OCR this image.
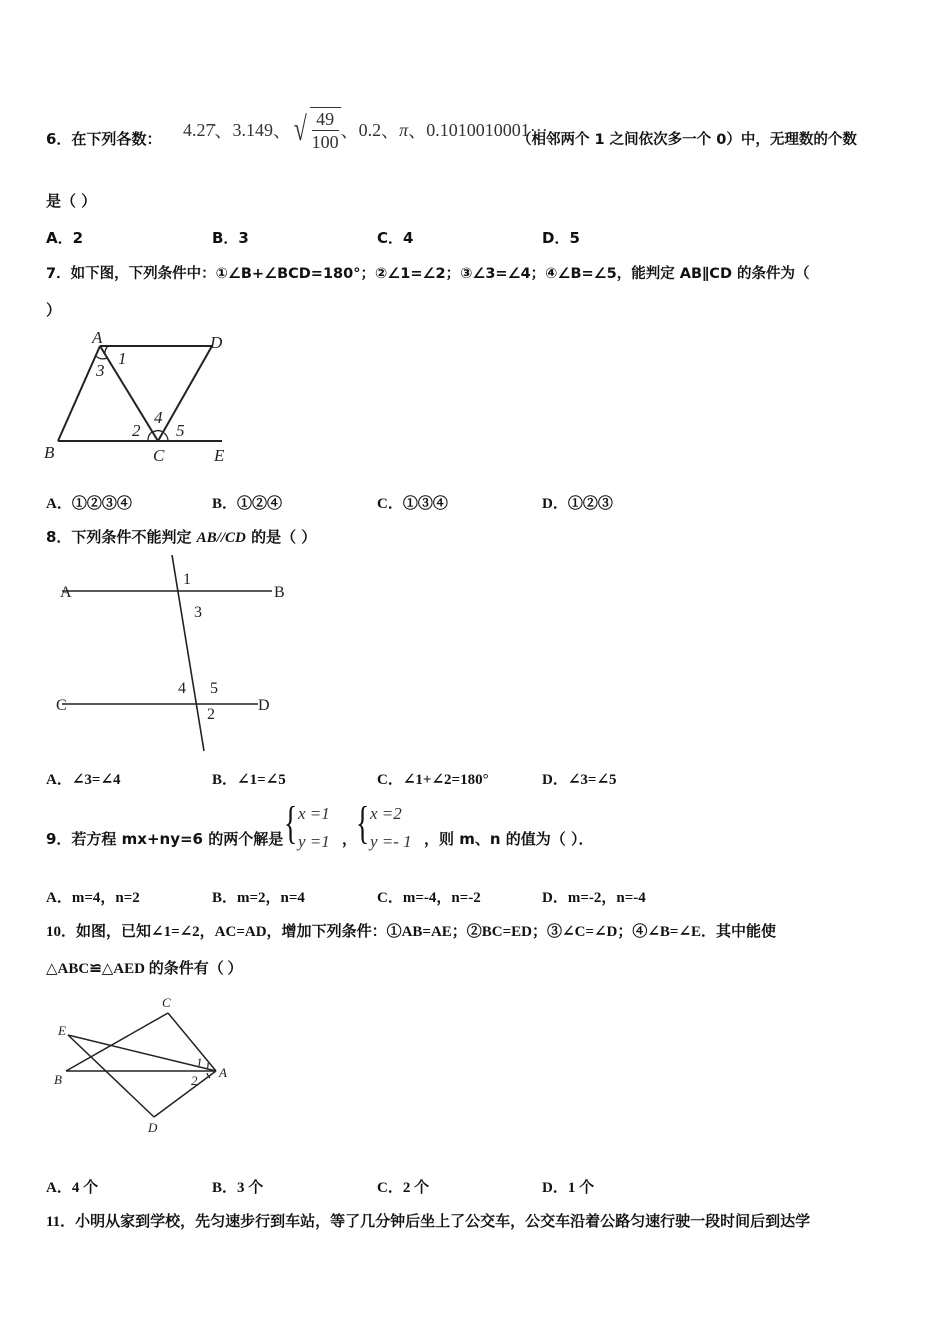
6．在下列各数： 4.27̇ 、 3.149 、 √ $\frac{49}{100}$ 、 0.2 、 π 、 0.1010010001···
（相邻两个 1 之间依次多一个 0）中，无理数的个数
是（ ）
A．2	B．3	C．4	D．5
7．如下图，下列条件中：①∠B+∠BCD=180°；②∠1=∠2；③∠3=∠4；④∠B=∠5，能判定 AB∥CD 的条件为（
）
A	D
B	C	E
1
3
4
2 5
A．①②③④	B．①②④	C．①③④	D．①②③
8．下列条件不能判定 AB//CD 的是（ ）
A	B
C	D
1
3
4 5
2
A．∠3=∠4	B．∠1=∠5	C．∠1+∠2=180°	D．∠3=∠5
9．若方程 mx+ny=6 的两个解是 { x =1
y =1 ，
{ x =2
y =- 1 ，则 m、n 的值为（ ）．
A．m=4，n=2	B．m=2，n=4	C．m=-4，n=-2	D．m=-2，n=-4
10．如图，已知∠1=∠2，AC=AD，增加下列条件：①AB=AE；②BC=ED；③∠C=∠D；④∠B=∠E．其中能使
△ABC≌△AED 的条件有（ ）
C
E
B	A
D
1
2
A．4 个	B．3 个	C．2 个	D．1 个
11．小明从家到学校，先匀速步行到车站，等了几分钟后坐上了公交车，公交车沿着公路匀速行驶一段时间后到达学
